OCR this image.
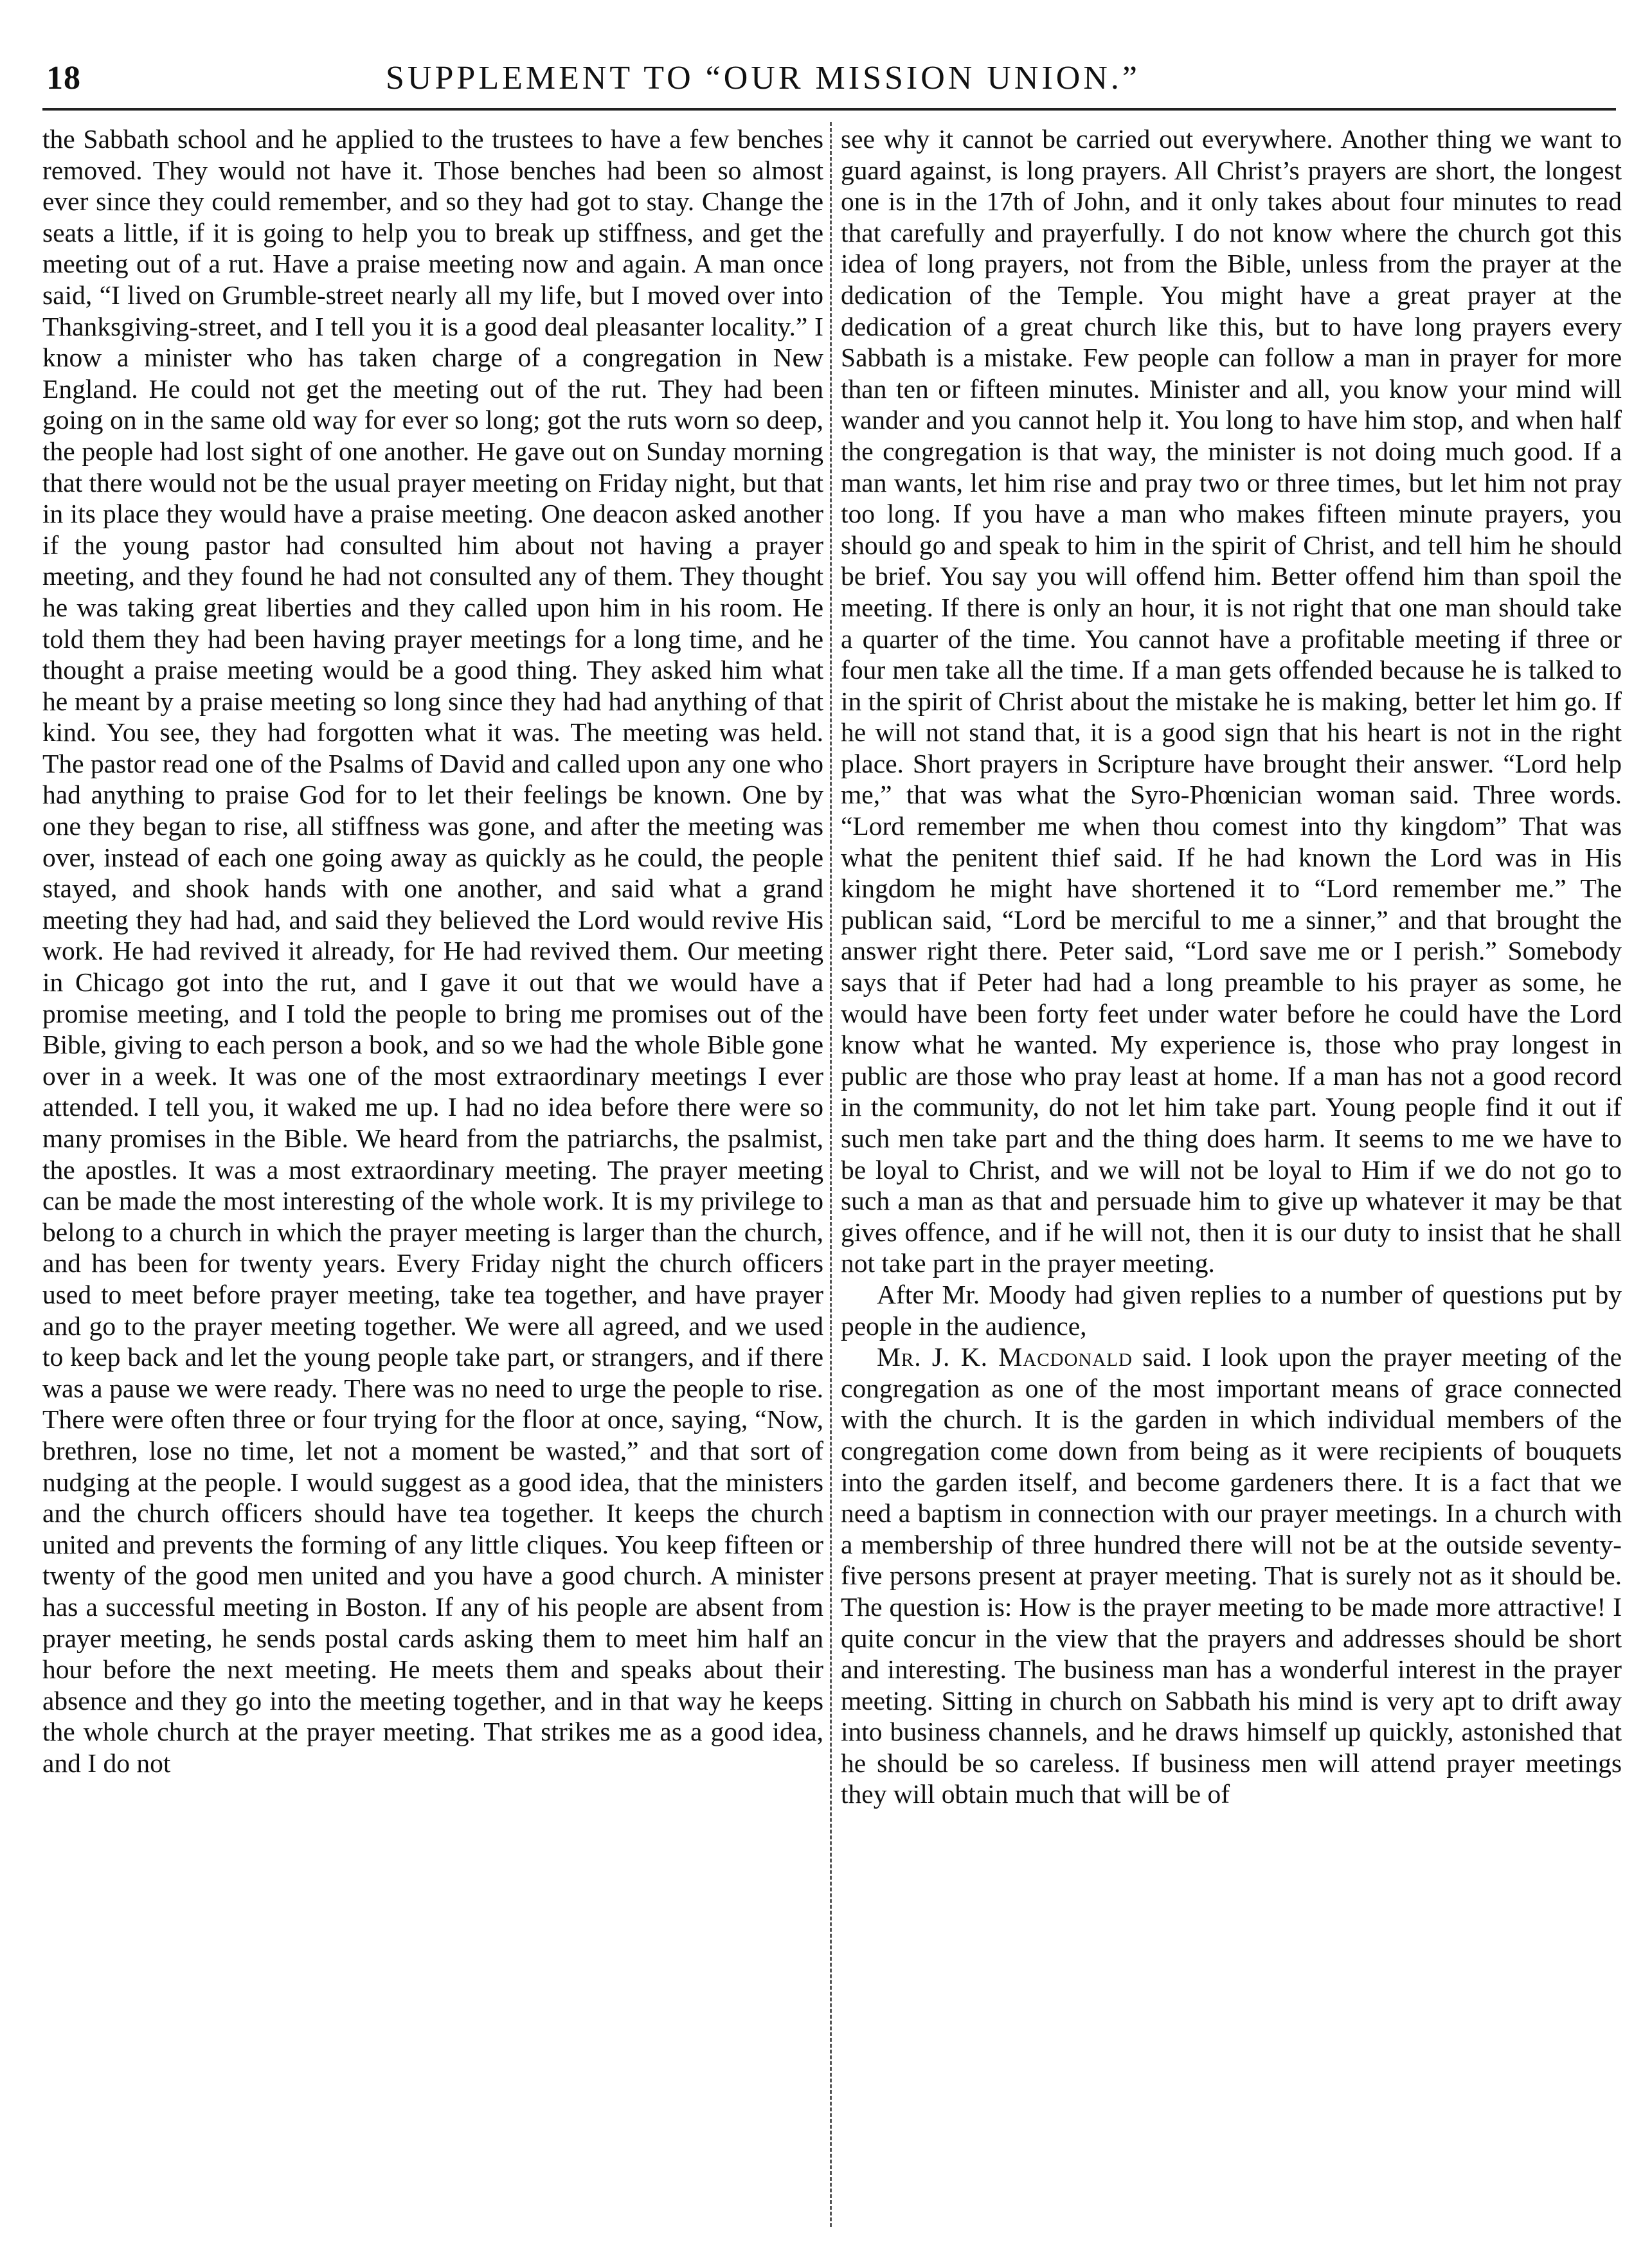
18	SUPPLEMENT TO “OUR MISSION UNION.”

the Sabbath school and he applied to the trustees to have a few benches removed. They would not have it. Those benches had been so almost ever since they could remember, and so they had got to stay. Change the seats a little, if it is going to help you to break up stiffness, and get the meeting out of a rut. Have a praise meeting now and again. A man once said, “I lived on Grumble-street nearly all my life, but I moved over into Thanksgiving-street, and I tell you it is a good deal pleasanter locality.” I know a minister who has taken charge of a congregation in New England. He could not get the meeting out of the rut. They had been going on in the same old way for ever so long; got the ruts worn so deep, the people had lost sight of one another. He gave out on Sunday morning that there would not be the usual prayer meeting on Friday night, but that in its place they would have a praise meeting. One deacon asked another if the young pastor had consulted him about not having a prayer meeting, and they found he had not consulted any of them. They thought he was taking great liberties and they called upon him in his room. He told them they had been having prayer meetings for a long time, and he thought a praise meeting would be a good thing. They asked him what he meant by a praise meeting so long since they had had anything of that kind. You see, they had forgotten what it was. The meeting was held. The pastor read one of the Psalms of David and called upon any one who had anything to praise God for to let their feelings be known. One by one they began to rise, all stiffness was gone, and after the meeting was over, instead of each one going away as quickly as he could, the people stayed, and shook hands with one another, and said what a grand meeting they had had, and said they believed the Lord would revive His work. He had revived it already, for He had revived them. Our meeting in Chicago got into the rut, and I gave it out that we would have a promise meeting, and I told the people to bring me promises out of the Bible, giving to each person a book, and so we had the whole Bible gone over in a week. It was one of the most extraordinary meetings I ever attended. I tell you, it waked me up. I had no idea before there were so many promises in the Bible. We heard from the patriarchs, the psalmist, the apostles. It was a most extraordinary meeting. The prayer meeting can be made the most interesting of the whole work. It is my privilege to belong to a church in which the prayer meeting is larger than the church, and has been for twenty years. Every Friday night the church officers used to meet before prayer meeting, take tea together, and have prayer and go to the prayer meeting together. We were all agreed, and we used to keep back and let the young people take part, or strangers, and if there was a pause we were ready. There was no need to urge the people to rise. There were often three or four trying for the floor at once, saying, “Now, brethren, lose no time, let not a moment be wasted,” and that sort of nudging at the people. I would suggest as a good idea, that the ministers and the church officers should have tea together. It keeps the church united and prevents the forming of any little cliques. You keep fifteen or twenty of the good men united and you have a good church. A minister has a successful meeting in Boston. If any of his people are absent from prayer meeting, he sends postal cards asking them to meet him half an hour before the next meeting. He meets them and speaks about their absence and they go into the meeting together, and in that way he keeps the whole church at the prayer meeting. That strikes me as a good idea, and I do not

see why it cannot be carried out everywhere. Another thing we want to guard against, is long prayers. All Christ’s prayers are short, the longest one is in the 17th of John, and it only takes about four minutes to read that carefully and prayerfully. I do not know where the church got this idea of long prayers, not from the Bible, unless from the prayer at the dedication of the Temple. You might have a great prayer at the dedication of a great church like this, but to have long prayers every Sabbath is a mistake. Few people can follow a man in prayer for more than ten or fifteen minutes. Minister and all, you know your mind will wander and you cannot help it. You long to have him stop, and when half the congregation is that way, the minister is not doing much good. If a man wants, let him rise and pray two or three times, but let him not pray too long. If you have a man who makes fifteen minute prayers, you should go and speak to him in the spirit of Christ, and tell him he should be brief. You say you will offend him. Better offend him than spoil the meeting. If there is only an hour, it is not right that one man should take a quarter of the time. You cannot have a profitable meeting if three or four men take all the time. If a man gets offended because he is talked to in the spirit of Christ about the mistake he is making, better let him go. If he will not stand that, it is a good sign that his heart is not in the right place. Short prayers in Scripture have brought their answer. “Lord help me,” that was what the Syro-Phœnician woman said. Three words. “Lord remember me when thou comest into thy kingdom” That was what the penitent thief said. If he had known the Lord was in His kingdom he might have shortened it to “Lord remember me.” The publican said, “Lord be merciful to me a sinner,” and that brought the answer right there. Peter said, “Lord save me or I perish.” Somebody says that if Peter had had a long preamble to his prayer as some, he would have been forty feet under water before he could have the Lord know what he wanted. My experience is, those who pray longest in public are those who pray least at home. If a man has not a good record in the community, do not let him take part. Young people find it out if such men take part and the thing does harm. It seems to me we have to be loyal to Christ, and we will not be loyal to Him if we do not go to such a man as that and persuade him to give up whatever it may be that gives offence, and if he will not, then it is our duty to insist that he shall not take part in the prayer meeting.

After Mr. Moody had given replies to a number of questions put by people in the audience,

Mr. J. K. Macdonald said. I look upon the prayer meeting of the congregation as one of the most important means of grace connected with the church. It is the garden in which individual members of the congregation come down from being as it were recipients of bouquets into the garden itself, and become gardeners there. It is a fact that we need a baptism in connection with our prayer meetings. In a church with a membership of three hundred there will not be at the outside seventy-five persons present at prayer meeting. That is surely not as it should be. The question is: How is the prayer meeting to be made more attractive! I quite concur in the view that the prayers and addresses should be short and interesting. The business man has a wonderful interest in the prayer meeting. Sitting in church on Sabbath his mind is very apt to drift away into business channels, and he draws himself up quickly, astonished that he should be so careless. If business men will attend prayer meetings they will obtain much that will be of
